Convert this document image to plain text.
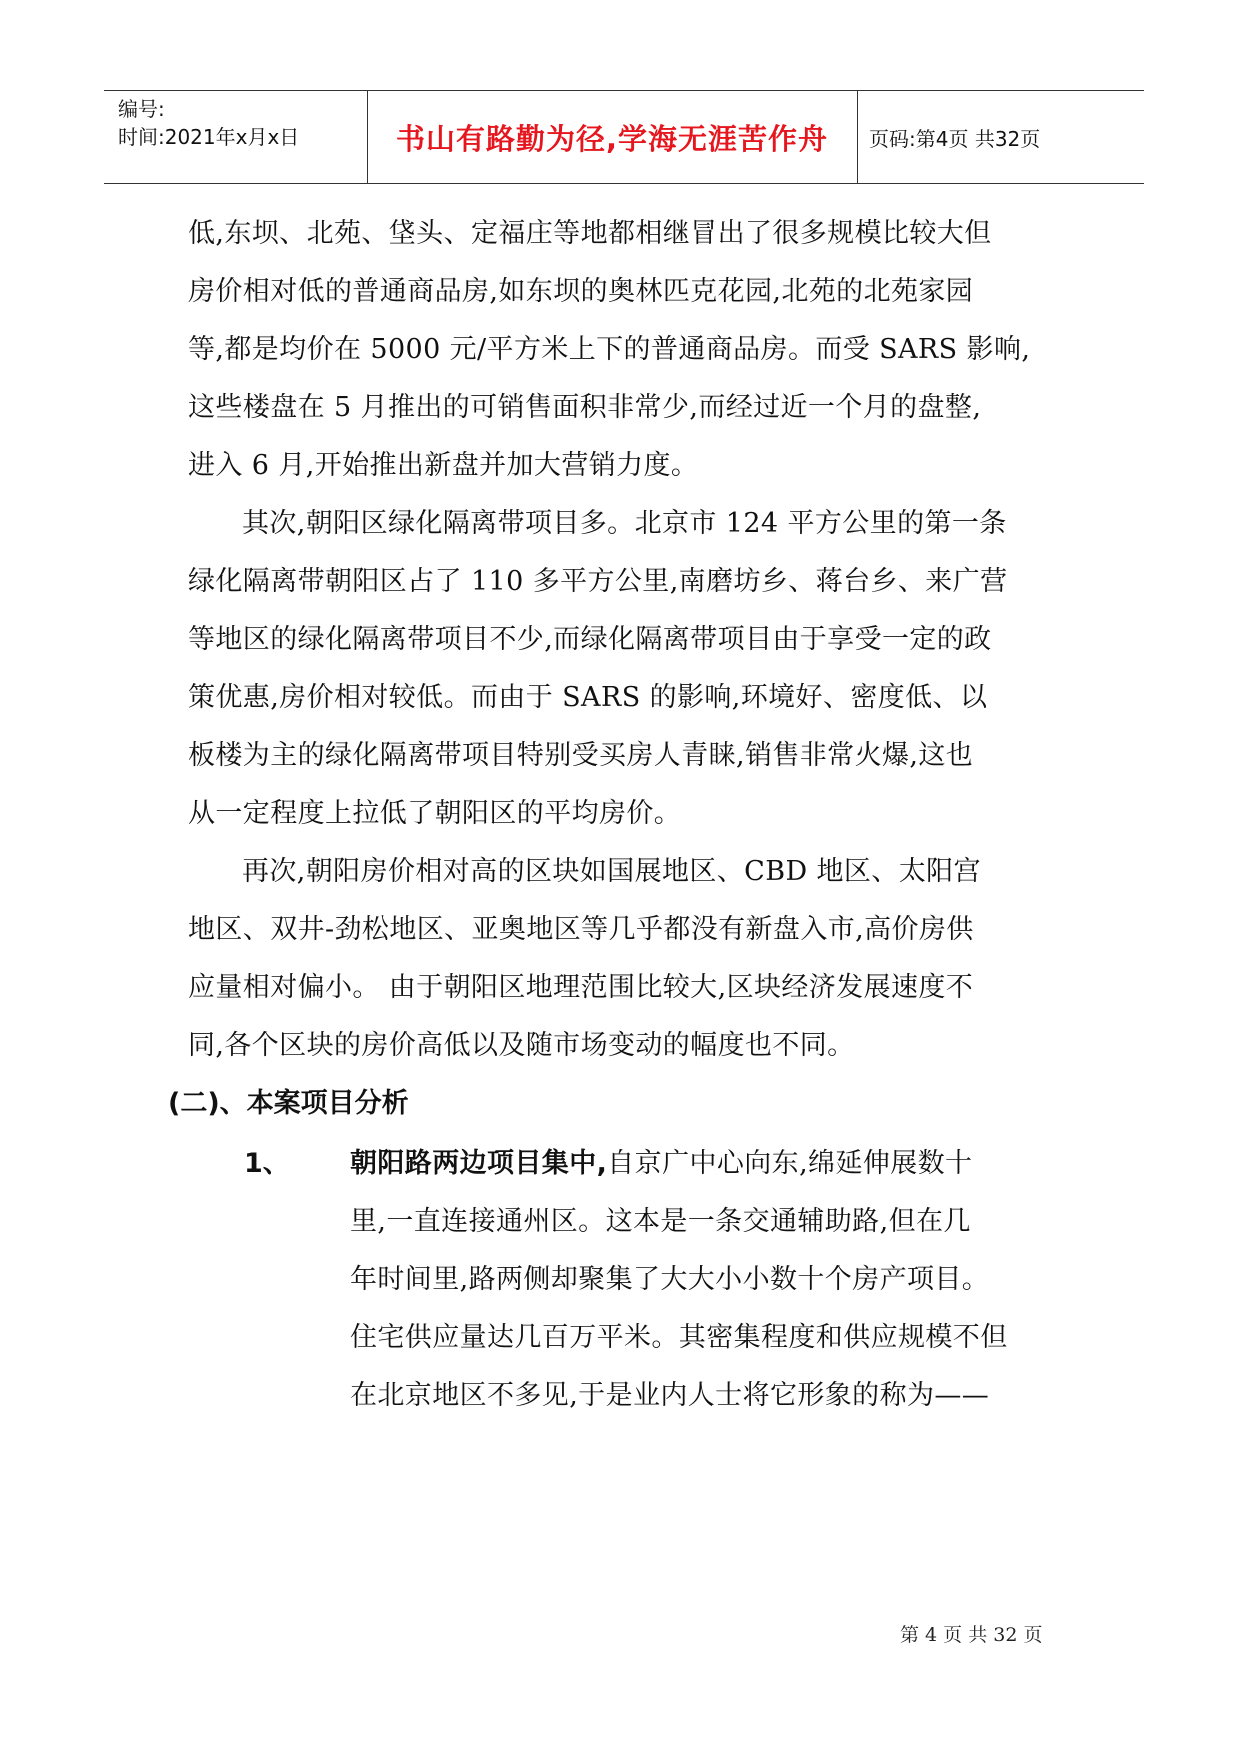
编号:
时间:2021年x月x日	书山有路勤为径,学海无涯苦作舟	页码:第4页 共32页
低,东坝、北苑、垡头、定福庄等地都相继冒出了很多规模比较大但
房价相对低的普通商品房,如东坝的奥林匹克花园,北苑的北苑家园
等,都是均价在 5000 元/平方米上下的普通商品房。而受 SARS 影响,
这些楼盘在 5 月推出的可销售面积非常少,而经过近一个月的盘整,
进入 6 月,开始推出新盘并加大营销力度。
其次,朝阳区绿化隔离带项目多。北京市 124 平方公里的第一条
绿化隔离带朝阳区占了 110 多平方公里,南磨坊乡、蒋台乡、来广营
等地区的绿化隔离带项目不少,而绿化隔离带项目由于享受一定的政
策优惠,房价相对较低。而由于 SARS 的影响,环境好、密度低、以
板楼为主的绿化隔离带项目特别受买房人青睐,销售非常火爆,这也
从一定程度上拉低了朝阳区的平均房价。
再次,朝阳房价相对高的区块如国展地区、CBD 地区、太阳宫
地区、双井-劲松地区、亚奥地区等几乎都没有新盘入市,高价房供
应量相对偏小。 由于朝阳区地理范围比较大,区块经济发展速度不
同,各个区块的房价高低以及随市场变动的幅度也不同。
(二)、本案项目分析
1、 朝阳路两边项目集中,自京广中心向东,绵延伸展数十
里,一直连接通州区。这本是一条交通辅助路,但在几
年时间里,路两侧却聚集了大大小小数十个房产项目。
住宅供应量达几百万平米。其密集程度和供应规模不但
在北京地区不多见,于是业内人士将它形象的称为——
第 4 页 共 32 页
